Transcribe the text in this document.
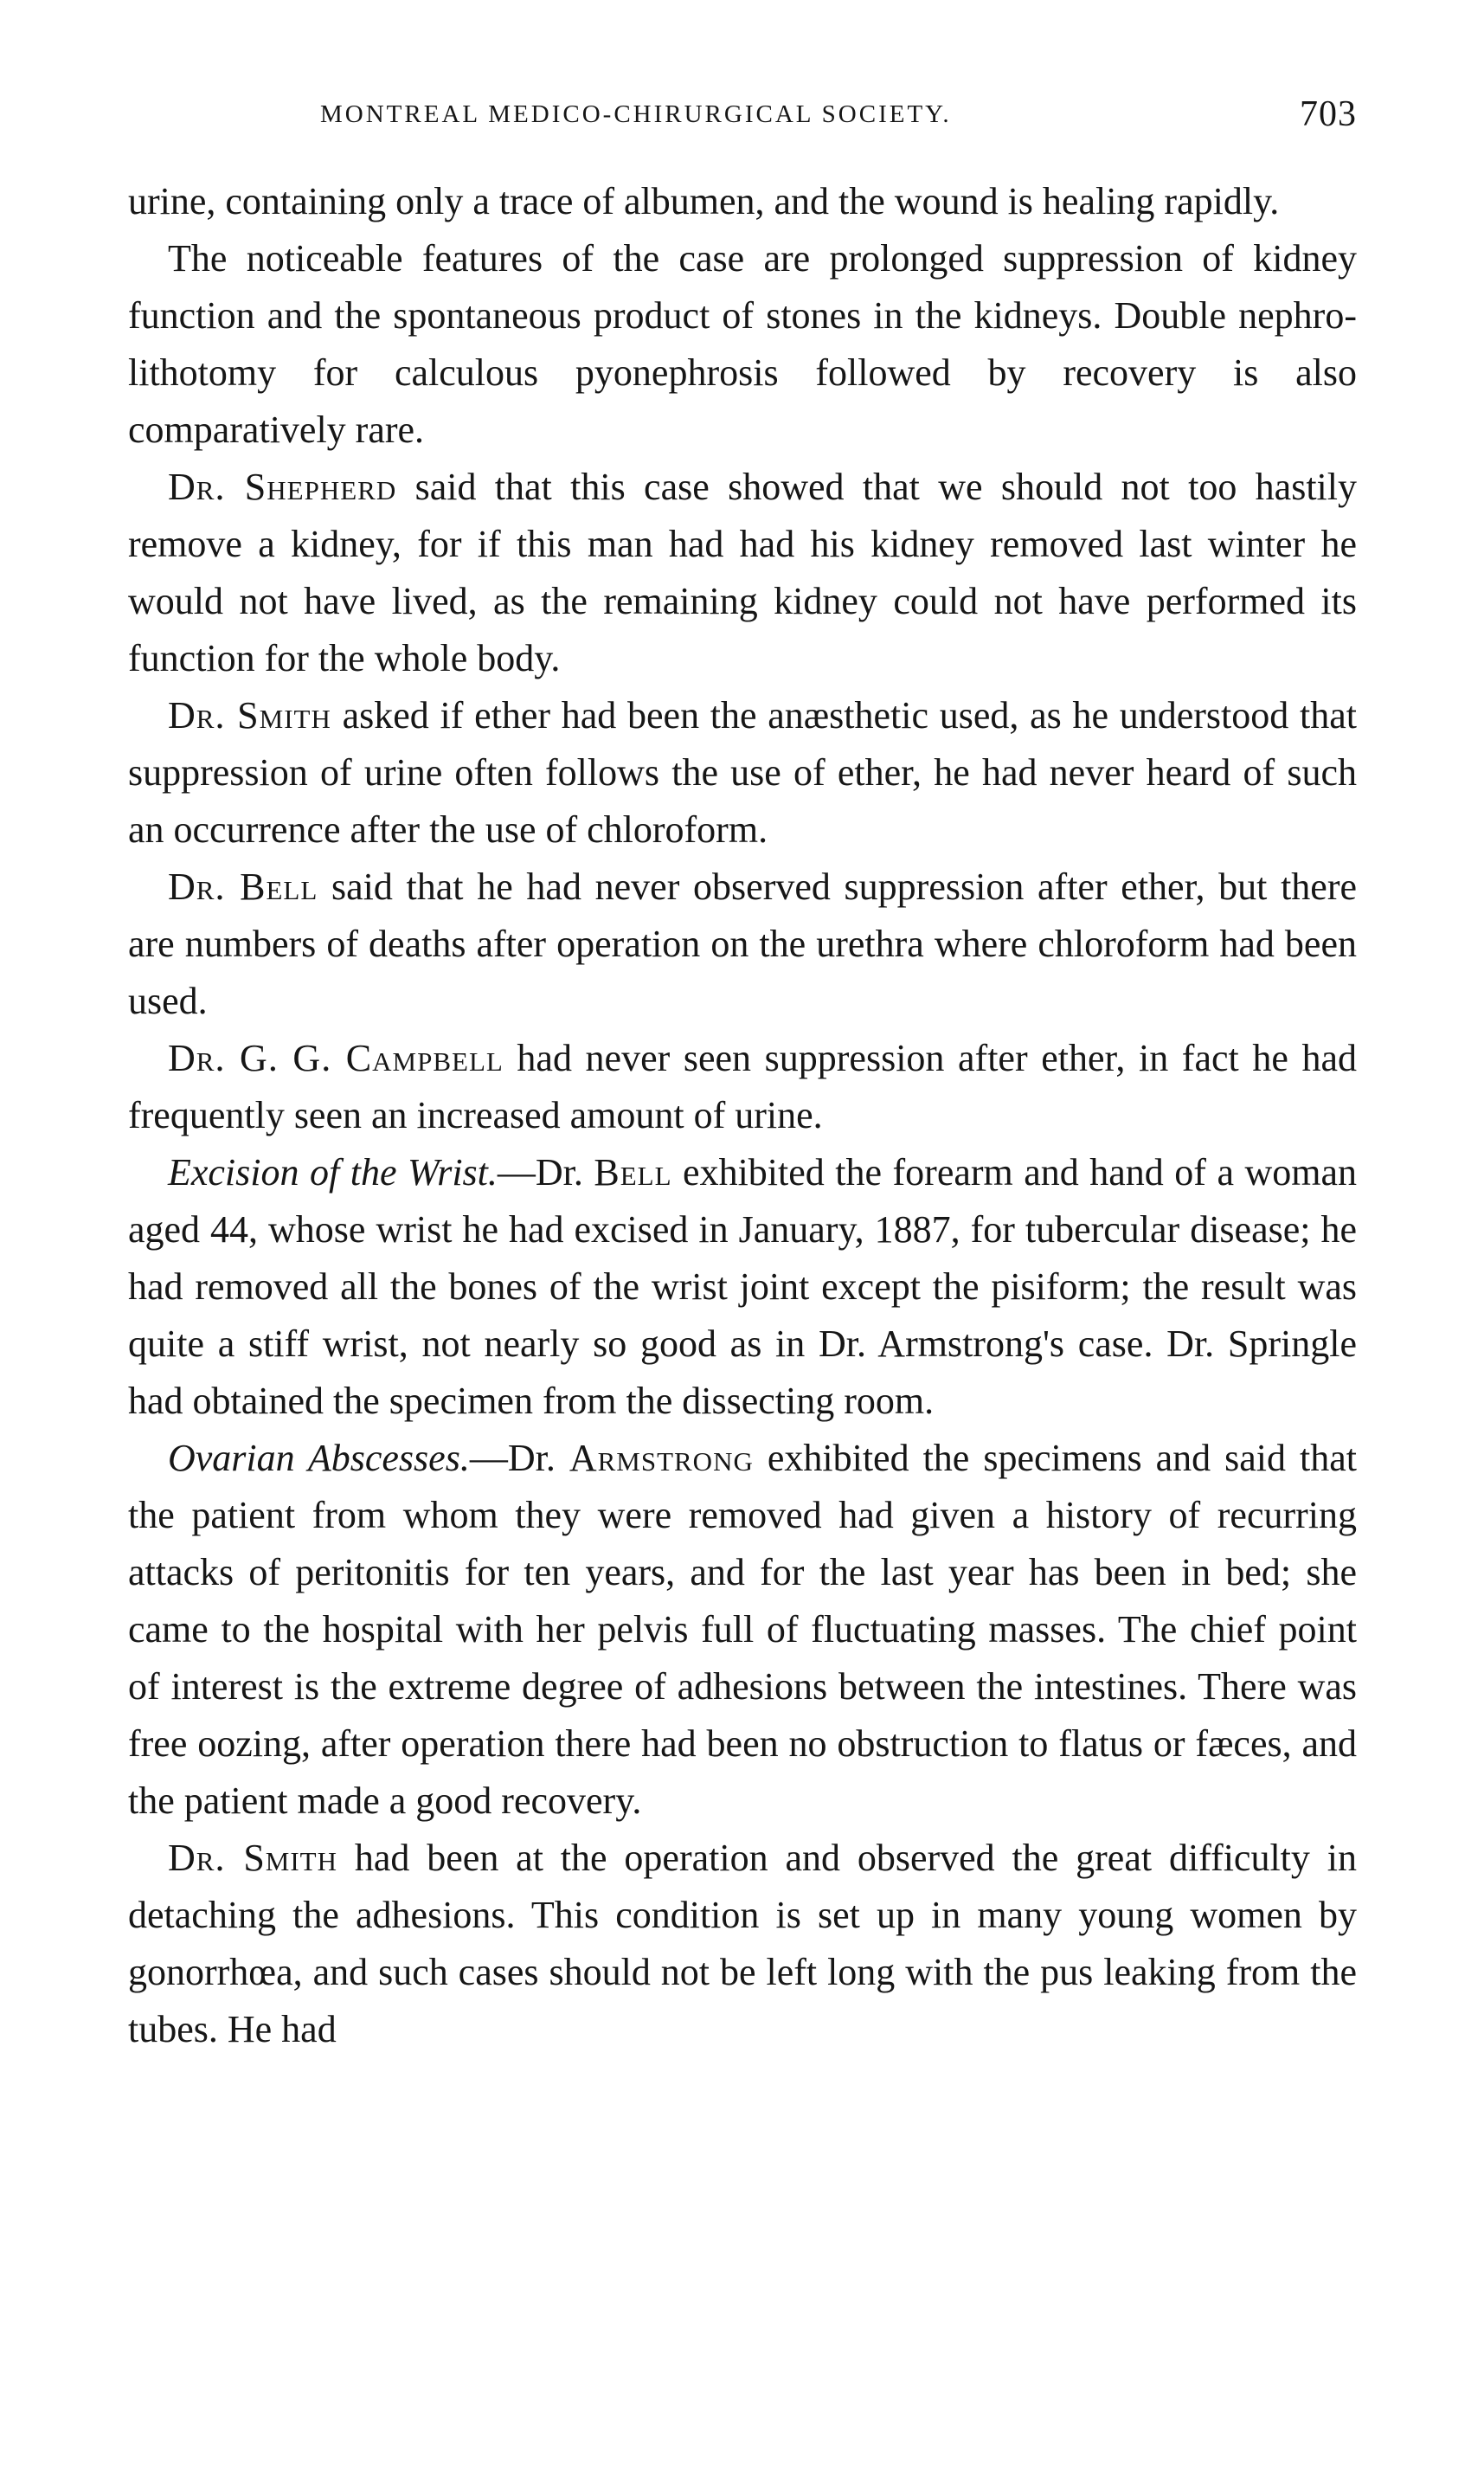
MONTREAL MEDICO-CHIRURGICAL SOCIETY.	703

urine, containing only a trace of albumen, and the wound is healing rapidly.

The noticeable features of the case are prolonged suppression of kidney function and the spontaneous product of stones in the kidneys. Double nephro-lithotomy for calculous pyonephrosis followed by recovery is also comparatively rare.

Dr. Shepherd said that this case showed that we should not too hastily remove a kidney, for if this man had had his kidney removed last winter he would not have lived, as the remaining kidney could not have performed its function for the whole body.

Dr. Smith asked if ether had been the anæsthetic used, as he understood that suppression of urine often follows the use of ether, he had never heard of such an occurrence after the use of chloroform.

Dr. Bell said that he had never observed suppression after ether, but there are numbers of deaths after operation on the urethra where chloroform had been used.

Dr. G. G. Campbell had never seen suppression after ether, in fact he had frequently seen an increased amount of urine.

Excision of the Wrist.—Dr. Bell exhibited the forearm and hand of a woman aged 44, whose wrist he had excised in January, 1887, for tubercular disease; he had removed all the bones of the wrist joint except the pisiform; the result was quite a stiff wrist, not nearly so good as in Dr. Armstrong's case. Dr. Springle had obtained the specimen from the dissecting room.

Ovarian Abscesses.—Dr. Armstrong exhibited the specimens and said that the patient from whom they were removed had given a history of recurring attacks of peritonitis for ten years, and for the last year has been in bed; she came to the hospital with her pelvis full of fluctuating masses. The chief point of interest is the extreme degree of adhesions between the intestines. There was free oozing, after operation there had been no obstruction to flatus or fæces, and the patient made a good recovery.

Dr. Smith had been at the operation and observed the great difficulty in detaching the adhesions. This condition is set up in many young women by gonorrhœa, and such cases should not be left long with the pus leaking from the tubes. He had
